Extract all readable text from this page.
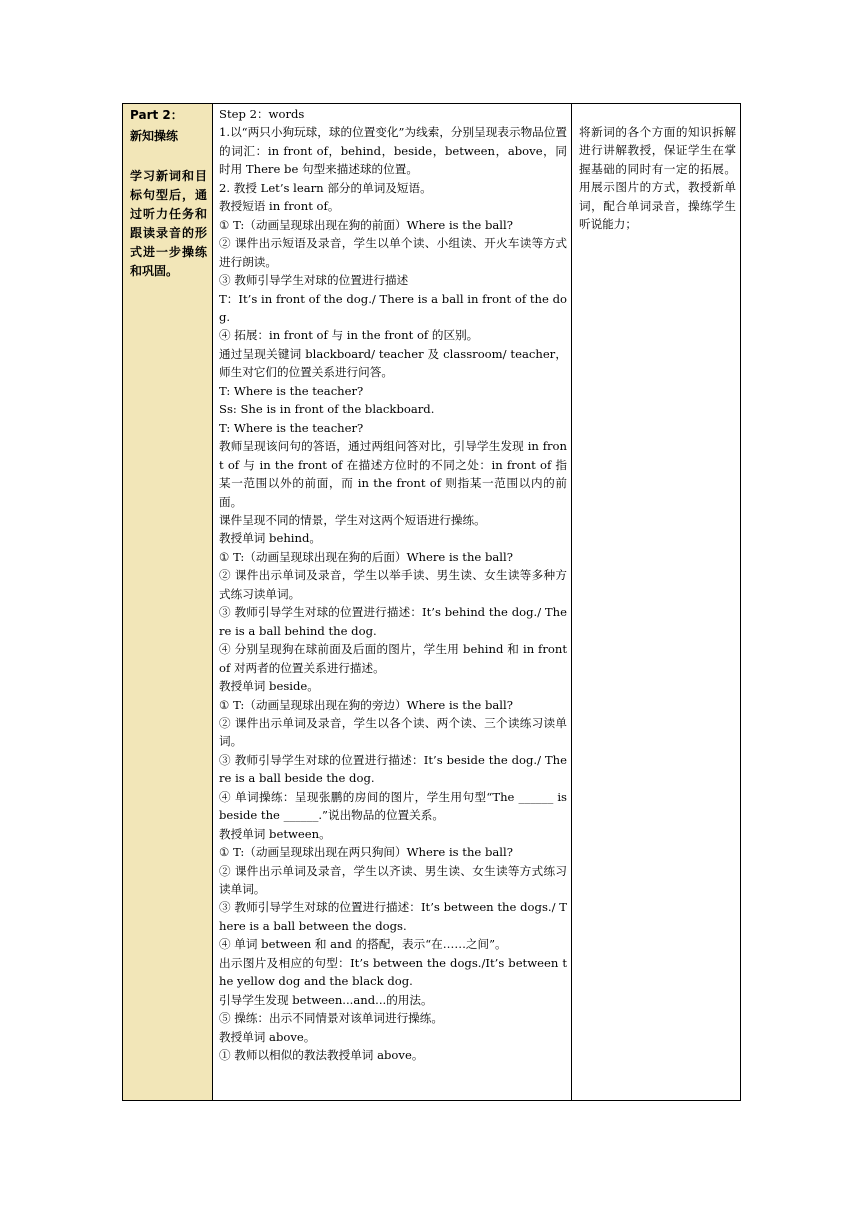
Part 2：
新知操练
学习新词和目标句型后，通过听力任务和跟读录音的形式进一步操练和巩固。

Step 2：words
1.以“两只小狗玩球，球的位置变化”为线索，分别呈现表示物品位置的词汇：in front of，behind，beside，between，above，同时用 There be 句型来描述球的位置。
2. 教授 Let’s learn 部分的单词及短语。
教授短语 in front of。
① T:（动画呈现球出现在狗的前面）Where is the ball?
② 课件出示短语及录音，学生以单个读、小组读、开火车读等方式进行朗读。
③ 教师引导学生对球的位置进行描述
T：It’s in front of the dog./ There is a ball in front of the dog.
④ 拓展：in front of 与 in the front of 的区别。
通过呈现关键词 blackboard/ teacher 及 classroom/ teacher，师生对它们的位置关系进行问答。
T: Where is the teacher?
Ss: She is in front of the blackboard.
T: Where is the teacher?
教师呈现该问句的答语，通过两组问答对比，引导学生发现 in front of 与 in the front of 在描述方位时的不同之处：in front of 指某一范围以外的前面，而 in the front of 则指某一范围以内的前面。
课件呈现不同的情景，学生对这两个短语进行操练。
教授单词 behind。
① T:（动画呈现球出现在狗的后面）Where is the ball?
② 课件出示单词及录音，学生以举手读、男生读、女生读等多种方式练习读单词。
③ 教师引导学生对球的位置进行描述：It’s behind the dog./ There is a ball behind the dog.
④ 分别呈现狗在球前面及后面的图片，学生用 behind 和 in front of 对两者的位置关系进行描述。
教授单词 beside。
① T:（动画呈现球出现在狗的旁边）Where is the ball?
② 课件出示单词及录音，学生以各个读、两个读、三个读练习读单词。
③ 教师引导学生对球的位置进行描述：It’s beside the dog./ There is a ball beside the dog.
④ 单词操练：呈现张鹏的房间的图片，学生用句型“The ______ is beside the ______.”说出物品的位置关系。
教授单词 between。
① T:（动画呈现球出现在两只狗间）Where is the ball?
② 课件出示单词及录音，学生以齐读、男生读、女生读等方式练习读单词。
③ 教师引导学生对球的位置进行描述：It’s between the dogs./ There is a ball between the dogs.
④ 单词 between 和 and 的搭配，表示“在……之间”。
出示图片及相应的句型：It’s between the dogs./It’s between the yellow dog and the black dog.
引导学生发现 between...and...的用法。
⑤ 操练：出示不同情景对该单词进行操练。
教授单词 above。
① 教师以相似的教法教授单词 above。

将新词的各个方面的知识拆解进行讲解教授，保证学生在掌握基础的同时有一定的拓展。用展示图片的方式，教授新单词，配合单词录音，操练学生听说能力；
